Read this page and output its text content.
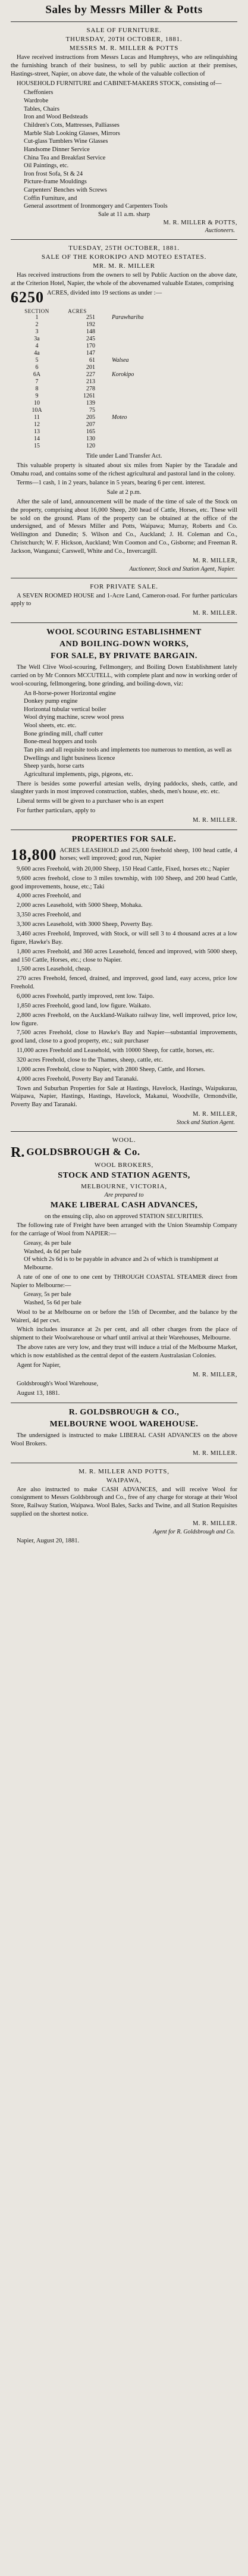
Sales by Messrs Miller & Potts
SALE OF FURNITURE.
THURSDAY, 20TH OCTOBER, 1881.
MESSRS M. R. MILLER & POTTS

Have received instructions from Messrs Lucas and Humphreys, who are relinquishing the furnishing branch of their business, to sell by public auction at their premises, Hastings-street, Napier, on above date, the whole of the valuable collection of

HOUSEHOLD FURNITURE and CABINET-MAKERS STOCK, consisting of—

Cheffoniers
Wardrobe
Tables, Chairs
Iron and Wood Bedsteads
Children's Cots, Mattresses, Palliasses
Marble Slab Looking Glasses, Mirrors
Cut-glass Tumblers Wine Glasses
Handsome Dinner Service
China Tea and Breakfast Service
Oil Paintings, etc.
Iron frost Sofa, St & 24
Picture-frame Mouldings
Carpenters' Benches with Screws
Coffin Furniture, and
General assortment of Ironmongery and Carpenters Tools
Sale at 11 a.m. sharp
M. R. MILLER & POTTS,
Auctioneers.
TUESDAY, 25TH OCTOBER, 1881.
SALE OF THE KOROKIPO AND MOTEO ESTATES.
MR. M. R. MILLER

Has received instructions from the owners to sell by Public Auction on the above date, at the Criterion Hotel, Napier, the whole of the abovenamed valuable Estates, comprising

6250 ACRES, divided into 19 sections as under :—
SECTION	ACRES	
1	251	Parawhariha
2	192	
3	148	
3a	245	
4	170	
4a	147	
5	61	Walsea
6	201	
6A	227	Korokipo
7	213	
8	278	
9	1261	
10	139	
10A	75	
11	205	Moteo
12	207	
13	165	
14	130	
15	120	
Title under Land Transfer Act.

This valuable property is situated about six miles from Napier by the Taradale and Omahu road, and contains some of the richest agricultural and pastoral land in the colony.

Terms—1 cash, 1 in 2 years, balance in 5 years, bearing 6 per cent. interest.

Sale at 2 p.m.

After the sale of land, announcement will be made of the time of sale of the Stock on the property, comprising about 16,000 Sheep, 200 head of Cattle, Horses, etc. These will be sold on the ground. Plans of the property can be obtained at the office of the undersigned, and of Messrs Miller and Potts, Waipawa; Murray, Roberts and Co. Wellington and Dunedin; S. Wilson and Co., Auckland; J. H. Coleman and Co., Christchurch; W. F. Hickson, Auckland; Wm Coomon and Co., Gisborne; and Freeman R. Jackson, Wanganui; Carswell, White and Co., Invercargill.

M. R. MILLER,
Auctioneer, Stock and Station Agent, Napier.
FOR PRIVATE SALE.

A SEVEN ROOMED HOUSE and 1-Acre Land, Cameron-road. For further particulars apply to

M. R. MILLER.
WOOL SCOURING ESTABLISHMENT
AND BOILING-DOWN WORKS,
FOR SALE, BY PRIVATE BARGAIN.

The Well Clive Wool-scouring, Fellmongery, and Boiling Down Establishment lately carried on by Mr Connors MCCUTELL, with complete plant and now in working order of wool-scouring, fellmongering, bone grinding, and boiling-down, viz:

An 8-horse-power Horizontal engine
Donkey pump engine
Horizontal tubular vertical boiler
Wool drying machine, screw wool press
Wool sheets, etc. etc.
Bone grinding mill, chaff cutter
Bone-meal hoppers and tools
Tan pits and all requisite tools and implements too numerous to mention, as well as
Dwellings and light business licence
Sheep yards, horse carts
Agricultural implements, pigs, pigeons, etc.

There is besides some powerful artesian wells, drying paddocks, sheds, cattle, and slaughter yards in most improved construction, stables, sheds, men's house, etc. etc.

Liberal terms will be given to a purchaser who is an expert

For further particulars, apply to

M. R. MILLER.
PROPERTIES FOR SALE.
18,800 ACRES LEASEHOLD and 25,000 freehold sheep, 100 head cattle, 4 horses; well improved; good run, Napier

9,600 acres Freehold, with 20,000 Sheep, 150 Head Cattle, Fixed, horses etc.; Napier

9,600 acres freehold, close to 3 miles township, with 100 Sheep, and 200 head Cattle, good improvements, house, etc.; Taki

4,000 acres Freehold, and

2,000 acres Leasehold, with 5000 Sheep, Mohaka.

3,350 acres Freehold, and

3,300 acres Leasehold, with 3000 Sheep, Poverty Bay.

3,460 acres Freehold, Improved, with Stock, or will sell 3 to 4 thousand acres at a low figure, Hawke's Bay.

1,800 acres Freehold, and 360 acres Leasehold, fenced and improved, with 5000 sheep, and 150 Cattle, Horses, etc.; close to Napier.

1,500 acres Leasehold, cheap.

270 acres Freehold, fenced, drained, and improved, good land, easy access, price low Freehold.

6,000 acres Freehold, partly improved, rent low. Taipo.

1,850 acres Freehold, good land, low figure. Waikato.

2,800 acres Freehold, on the Auckland-Waikato railway line, well improved, price low, low figure.

7,500 acres Freehold, close to Hawke's Bay and Napier—substantial improvements, good land, close to a good property, etc.; suit purchaser

11,000 acres Freehold and Leasehold, with 10000 Sheep, for cattle, horses, etc.

320 acres Freehold, close to the Thames, sheep, cattle, etc.

1,000 acres Freehold, close to Napier, with 2800 Sheep, Cattle, and Horses.

4,000 acres Freehold, Poverty Bay and Taranaki.

Town and Suburban Properties for Sale at Hastings, Havelock, Hastings, Waipukurau, Waipawa, Napier, Hastings, Hastings, Havelock, Makanui, Woodville, Ormondville, Poverty Bay and Taranaki.

M. R. MILLER,
Stock and Station Agent.
WOOL.
R. GOLDSBROUGH & Co.
WOOL BROKERS,
STOCK AND STATION AGENTS,
MELBOURNE, VICTORIA,
Are prepared to
MAKE LIBERAL CASH ADVANCES,
on the ensuing clip, also on approved STATION SECURITIES.

The following rate of Freight have been arranged with the Union Steamship Company for the carriage of Wool from NAPIER:—

Greasy, 4s per bale
Washed, 4s 6d per bale
Of which 2s 6d is to be payable in advance and 2s of which is transhipment at Melbourne.

A rate of one of one to one cent by THROUGH COASTAL STEAMER direct from Napier to Melbourne:—

Greasy, 5s per bale
Washed, 5s 6d per bale

Wool to be at Melbourne on or before the 15th of December, and the balance by the Waireri, 4d per cwt.

Which includes insurance at 2s per cent, and all other charges from the place of shipment to their Woolwarehouse or wharf until arrival at their Warehouses, Melbourne.

The above rates are very low, and they trust will induce a trial of the Melbourne Market, which is now established as the central depot of the eastern Australasian Colonies.

Agent for Napier,
M. R. MILLER,
Goldsbrough's Wool Warehouse,
August 13, 1881.
R. GOLDSBROUGH & CO.,
MELBOURNE WOOL WAREHOUSE.

The undersigned is instructed to make LIBERAL CASH ADVANCES on the above Wool Brokers.

M. R. MILLER.
M. R. MILLER AND POTTS,
WAIPAWA,

Are also instructed to make CASH ADVANCES, and will receive Wool for consignment to Messrs Goldsbrough and Co., free of any charge for storage at their Wool Store, Railway Station, Waipawa. Wool Bales, Sacks and Twine, and all Station Requisites supplied on the shortest notice.

M. R. MILLER.
Agent for R. Goldsbrough and Co.
Napier, August 20, 1881.
